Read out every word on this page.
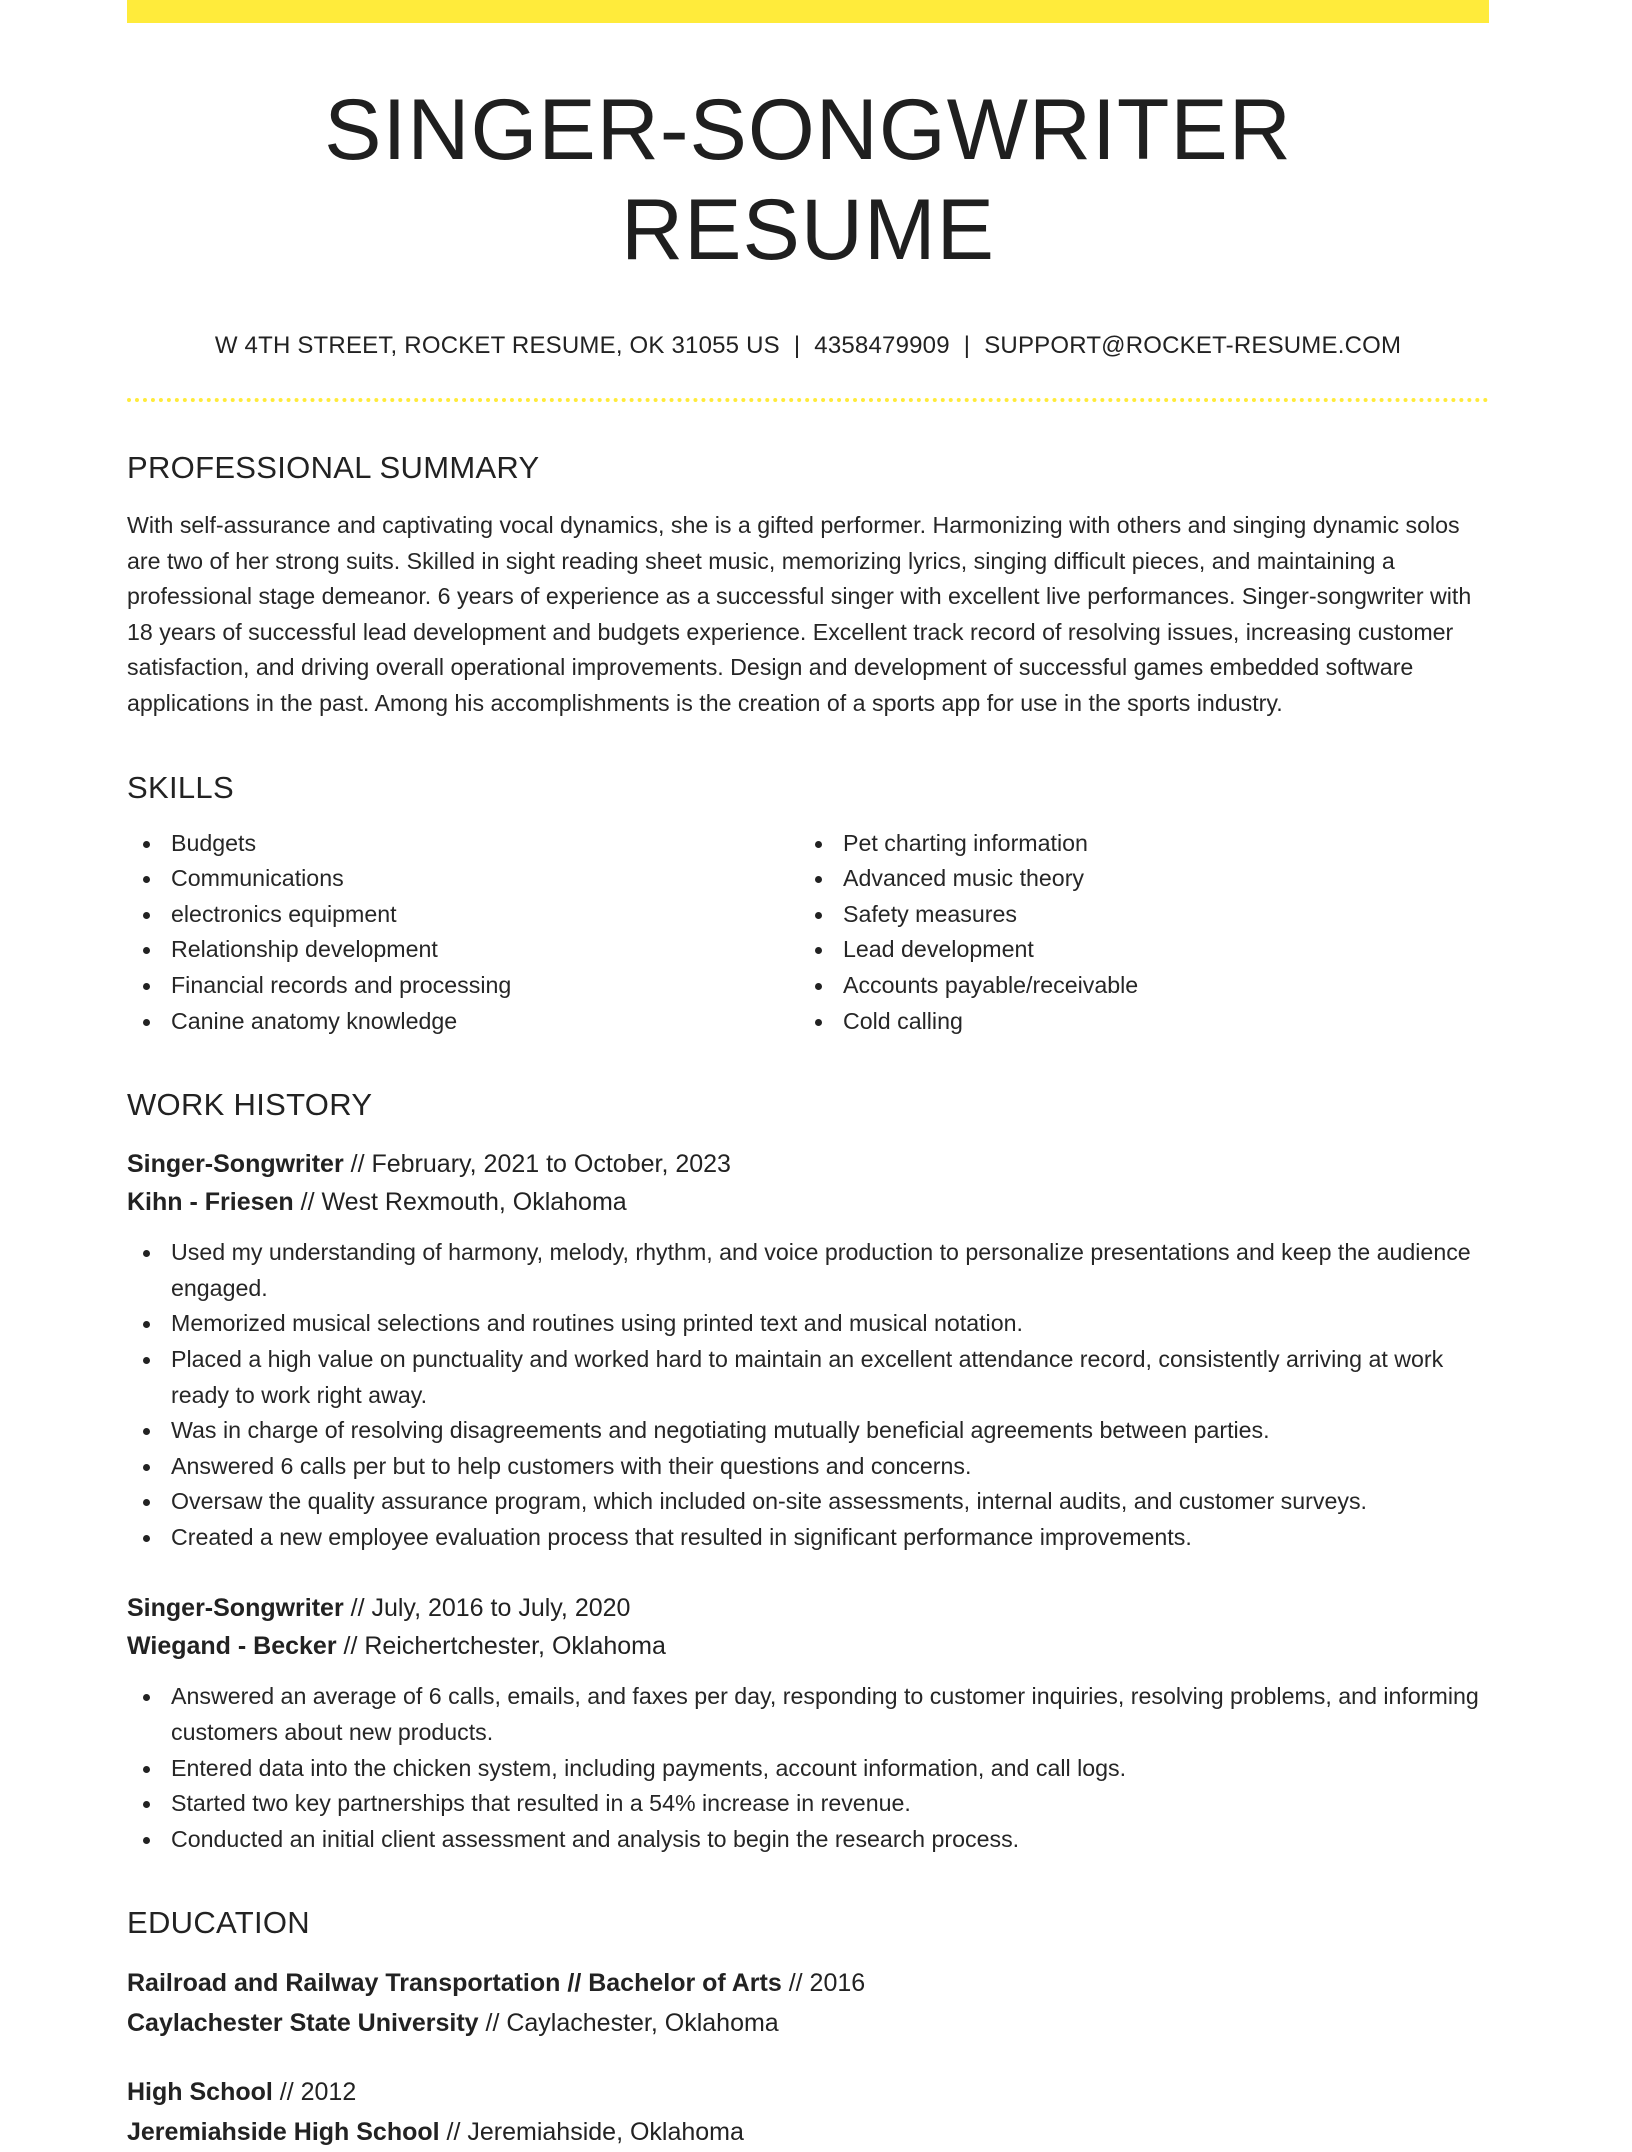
SINGER-SONGWRITER RESUME
W 4TH STREET, ROCKET RESUME, OK 31055 US | 4358479909 | SUPPORT@ROCKET-RESUME.COM
PROFESSIONAL SUMMARY

With self-assurance and captivating vocal dynamics, she is a gifted performer. Harmonizing with others and singing dynamic solos are two of her strong suits. Skilled in sight reading sheet music, memorizing lyrics, singing difficult pieces, and maintaining a professional stage demeanor. 6 years of experience as a successful singer with excellent live performances. Singer-songwriter with 18 years of successful lead development and budgets experience. Excellent track record of resolving issues, increasing customer satisfaction, and driving overall operational improvements. Design and development of successful games embedded software applications in the past. Among his accomplishments is the creation of a sports app for use in the sports industry.

SKILLS
Budgets
Communications
electronics equipment
Relationship development
Financial records and processing
Canine anatomy knowledge
Pet charting information
Advanced music theory
Safety measures
Lead development
Accounts payable/receivable
Cold calling
WORK HISTORY
Singer-Songwriter // February, 2021 to October, 2023
Kihn - Friesen // West Rexmouth, Oklahoma
Used my understanding of harmony, melody, rhythm, and voice production to personalize presentations and keep the audience engaged.
Memorized musical selections and routines using printed text and musical notation.
Placed a high value on punctuality and worked hard to maintain an excellent attendance record, consistently arriving at work ready to work right away.
Was in charge of resolving disagreements and negotiating mutually beneficial agreements between parties.
Answered 6 calls per but to help customers with their questions and concerns.
Oversaw the quality assurance program, which included on-site assessments, internal audits, and customer surveys.
Created a new employee evaluation process that resulted in significant performance improvements.
Singer-Songwriter // July, 2016 to July, 2020
Wiegand - Becker // Reichertchester, Oklahoma
Answered an average of 6 calls, emails, and faxes per day, responding to customer inquiries, resolving problems, and informing customers about new products.
Entered data into the chicken system, including payments, account information, and call logs.
Started two key partnerships that resulted in a 54% increase in revenue.
Conducted an initial client assessment and analysis to begin the research process.
EDUCATION
Railroad and Railway Transportation // Bachelor of Arts // 2016
Caylachester State University // Caylachester, Oklahoma
High School // 2012
Jeremiahside High School // Jeremiahside, Oklahoma
